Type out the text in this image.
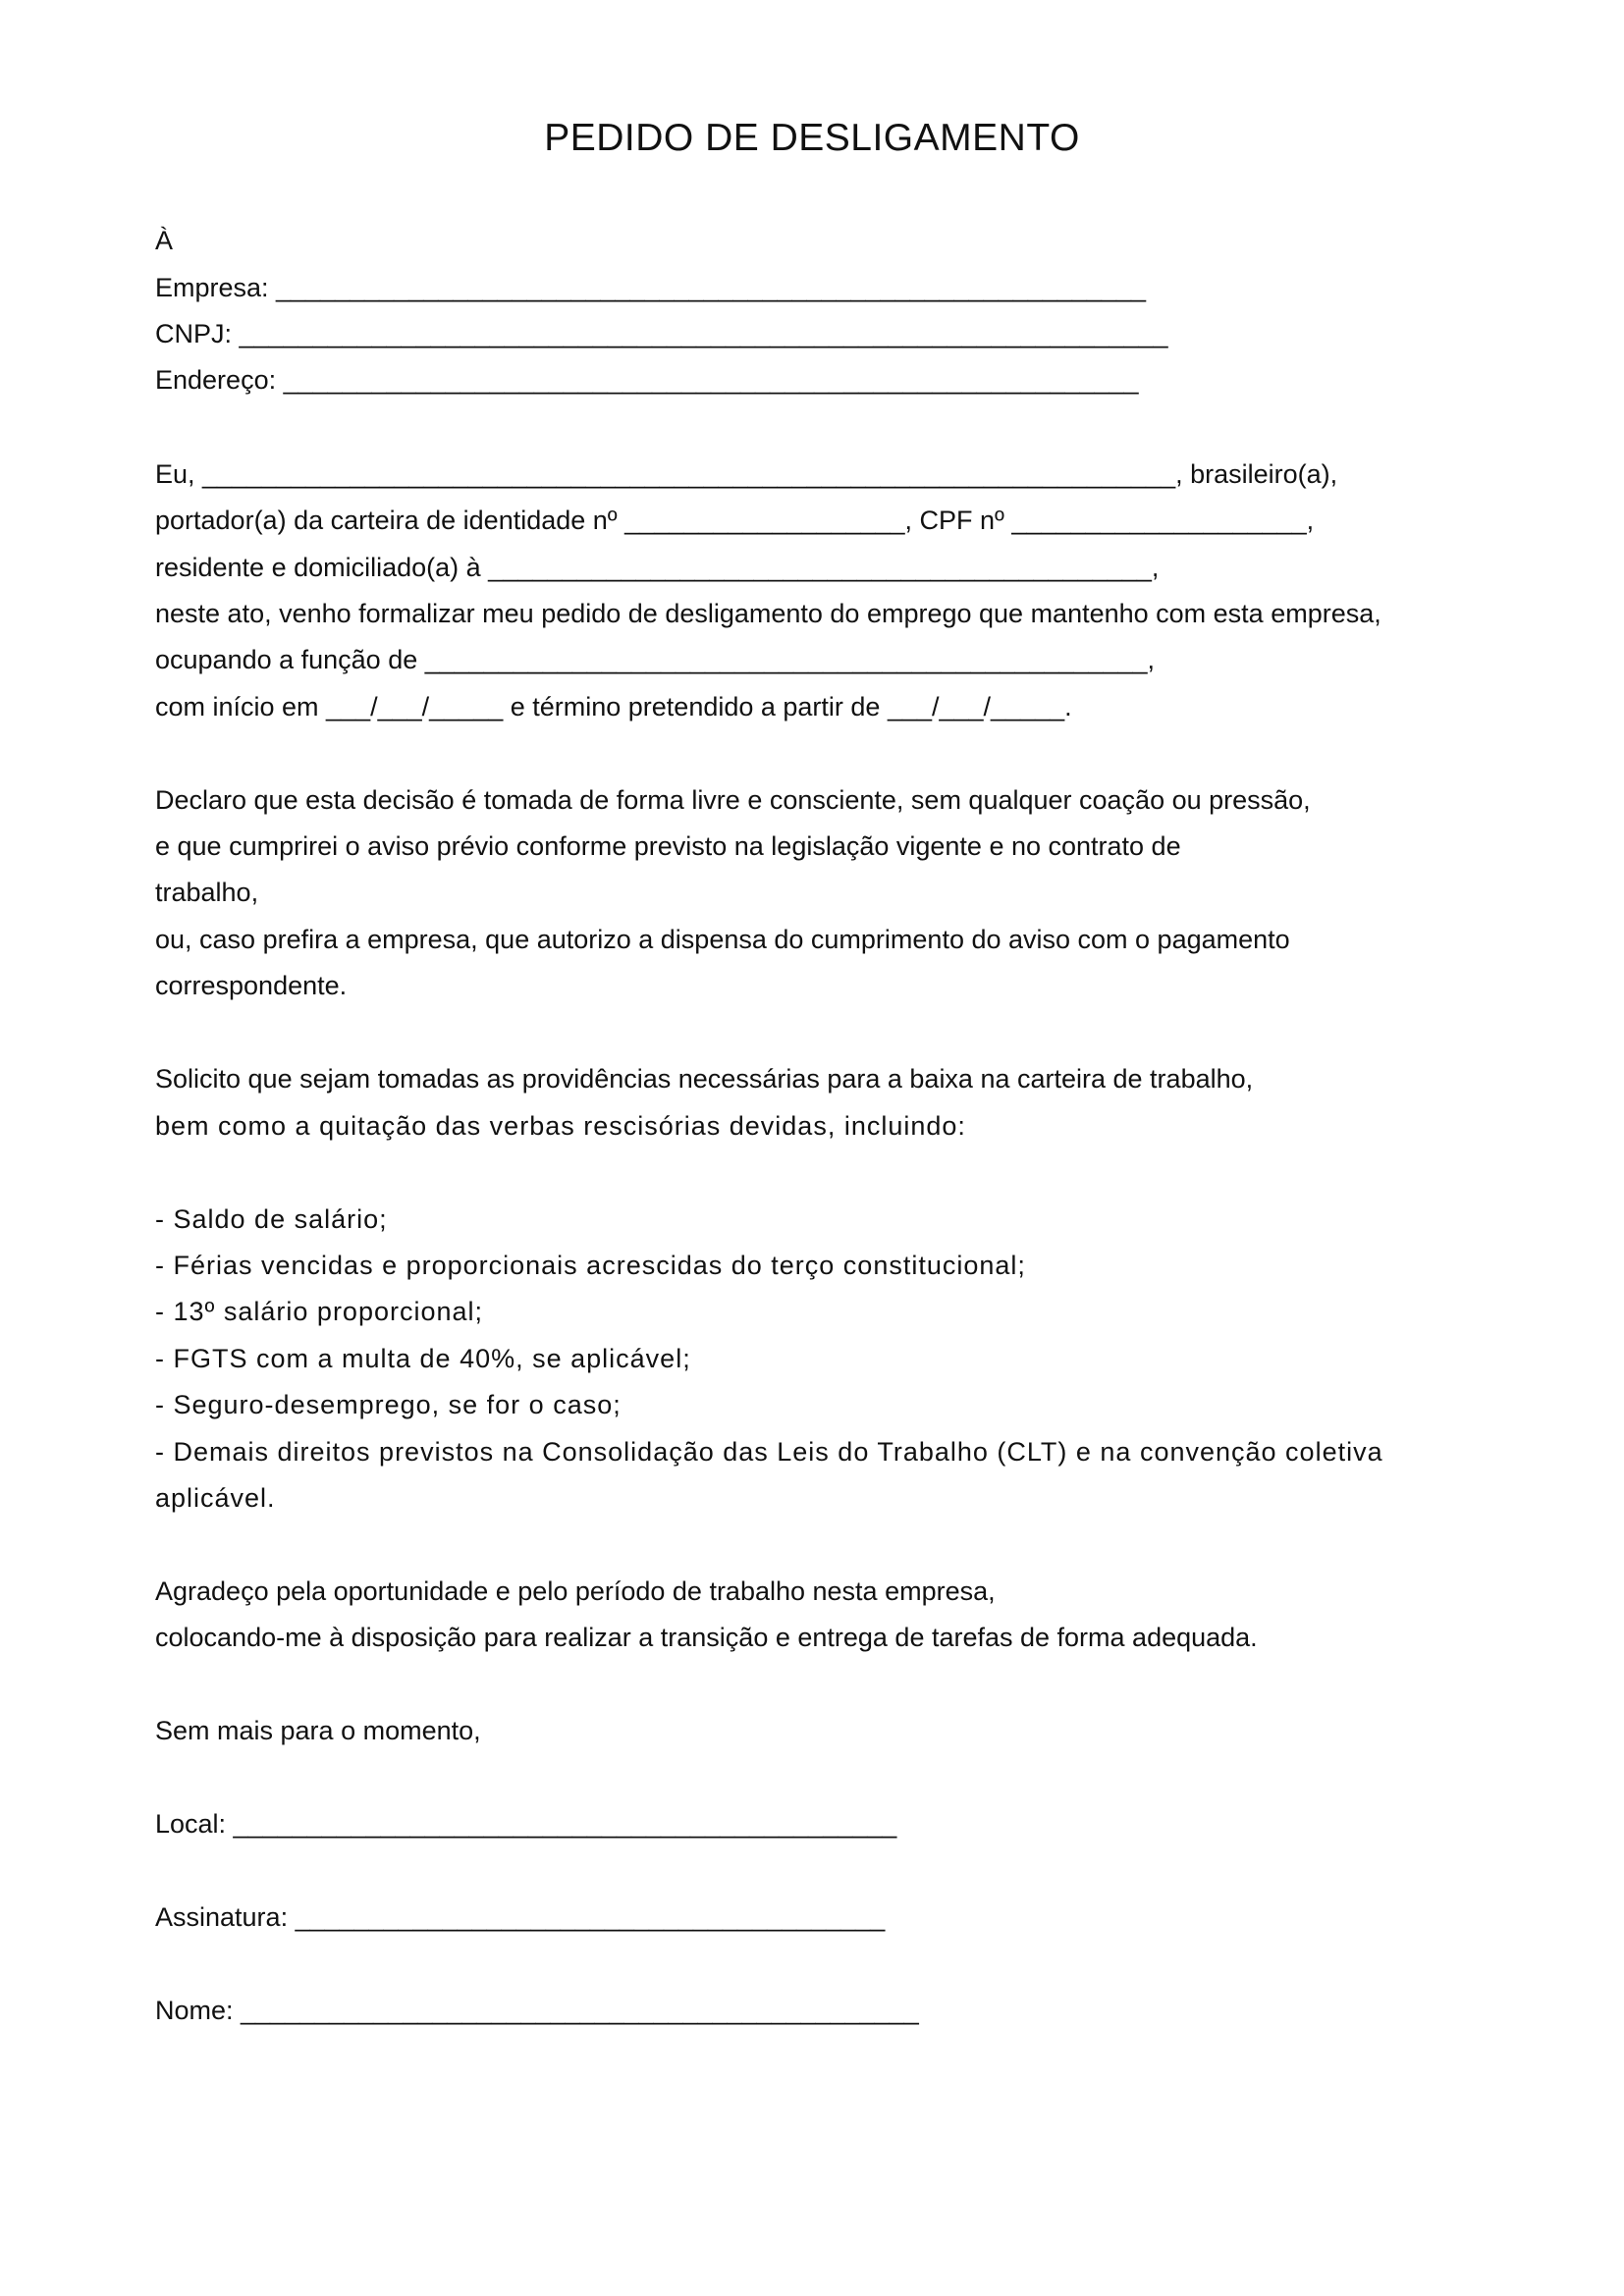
PEDIDO DE DESLIGAMENTO
À
Empresa: ___________________________________________________________
CNPJ: _______________________________________________________________
Endereço: __________________________________________________________
Eu, __________________________________________________________________, brasileiro(a),
portador(a) da carteira de identidade nº ___________________, CPF nº ____________________,
residente e domiciliado(a) à _____________________________________________,
neste ato, venho formalizar meu pedido de desligamento do emprego que mantenho com esta empresa,
ocupando a função de _________________________________________________,
com início em ___/___/_____ e término pretendido a partir de ___/___/_____.
Declaro que esta decisão é tomada de forma livre e consciente, sem qualquer coação ou pressão,
e que cumprirei o aviso prévio conforme previsto na legislação vigente e no contrato de
trabalho,
ou, caso prefira a empresa, que autorizo a dispensa do cumprimento do aviso com o pagamento
correspondente.
Solicito que sejam tomadas as providências necessárias para a baixa na carteira de trabalho,
bem como a quitação das verbas rescisórias devidas, incluindo:
- Saldo de salário;
- Férias vencidas e proporcionais acrescidas do terço constitucional;
- 13º salário proporcional;
- FGTS com a multa de 40%, se aplicável;
- Seguro-desemprego, se for o caso;
- Demais direitos previstos na Consolidação das Leis do Trabalho (CLT) e na convenção coletiva
aplicável.
Agradeço pela oportunidade e pelo período de trabalho nesta empresa,
colocando-me à disposição para realizar a transição e entrega de tarefas de forma adequada.
Sem mais para o momento,
Local: _____________________________________________
Assinatura: ________________________________________
Nome: ______________________________________________
